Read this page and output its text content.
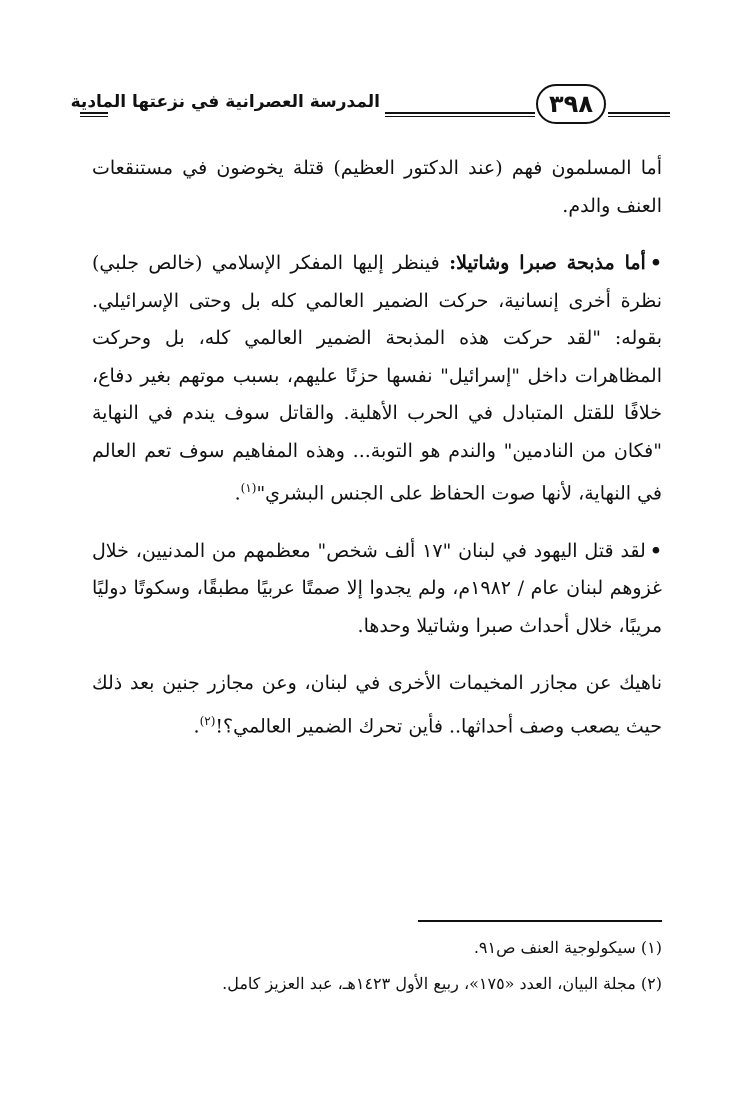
المدرسة العصرانية في نزعتها المادية	٣٩٨

أما المسلمون فهم (عند الدكتور العظيم) قتلة يخوضون في مستنقعات العنف والدم.

•أما مذبحة صبرا وشاتيلا: فينظر إليها المفكر الإسلامي (خالص جلبي) نظرة أخرى إنسانية، حركت الضمير العالمي كله بل وحتى الإسرائيلي. بقوله: "لقد حركت هذه المذبحة الضمير العالمي كله، بل وحركت المظاهرات داخل "إسرائيل" نفسها حزنًا عليهم، بسبب موتهم بغير دفاع، خلافًا للقتل المتبادل في الحرب الأهلية. والقاتل سوف يندم في النهاية "فكان من النادمين" والندم هو التوبة... وهذه المفاهيم سوف تعم العالم في النهاية، لأنها صوت الحفاظ على الجنس البشري"$^{(١)}$.

•لقد قتل اليهود في لبنان "١٧ ألف شخص" معظمهم من المدنيين، خلال غزوهم لبنان عام / ١٩٨٢م، ولم يجدوا إلا صمتًا عربيًا مطبقًا، وسكوتًا دوليًا مريبًا، خلال أحداث صبرا وشاتيلا وحدها.

ناهيك عن مجازر المخيمات الأخرى في لبنان، وعن مجازر جنين بعد ذلك حيث يصعب وصف أحداثها.. فأين تحرك الضمير العالمي؟!$^{(٢)}$.

(١) سيكولوجية العنف ص٩١.

(٢) مجلة البيان، العدد «١٧٥»، ربيع الأول ١٤٢٣هـ، عبد العزيز كامل.
